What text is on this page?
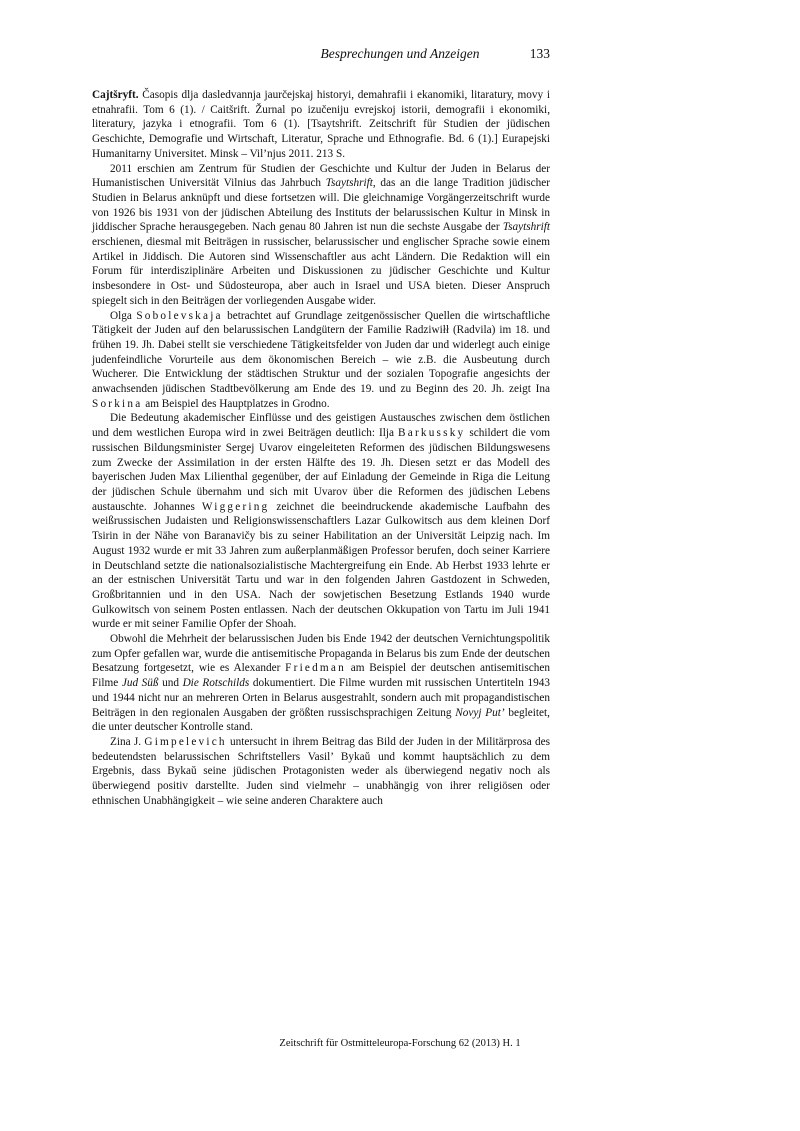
Besprechungen und Anzeigen	133

Cajtšryft. Časopis dlja dasledvannja jaurčejskaj historyi, demahrafii i ekanomiki, litaraturу, movy i etnahrafii. Tom 6 (1). / Caitšrift. Žurnal po izučeniju evrejskoj istorii, demografii i ekonomiki, literatury, jazyka i etnografii. Tom 6 (1). [Tsaytshrift. Zeitschrift für Studien der jüdischen Geschichte, Demografie und Wirtschaft, Literatur, Sprache und Ethnografie. Bd. 6 (1).] Eurapejski Humanitarny Universitet. Minsk – Vil’njus 2011. 213 S.

2011 erschien am Zentrum für Studien der Geschichte und Kultur der Juden in Belarus der Humanistischen Universität Vilnius das Jahrbuch Tsaytshrift, das an die lange Tradition jüdischer Studien in Belarus anknüpft und diese fortsetzen will. Die gleichnamige Vorgängerzeitschrift wurde von 1926 bis 1931 von der jüdischen Abteilung des Instituts der belarussischen Kultur in Minsk in jiddischer Sprache herausgegeben. Nach genau 80 Jahren ist nun die sechste Ausgabe der Tsaytshrift erschienen, diesmal mit Beiträgen in russischer, belarussischer und englischer Sprache sowie einem Artikel in Jiddisch. Die Autoren sind Wissenschaftler aus acht Ländern. Die Redaktion will ein Forum für interdisziplinäre Arbeiten und Diskussionen zu jüdischer Geschichte und Kultur insbesondere in Ost- und Südosteuropa, aber auch in Israel und USA bieten. Dieser Anspruch spiegelt sich in den Beiträgen der vorliegenden Ausgabe wider.

Olga Sobolevskaja betrachtet auf Grundlage zeitgenössischer Quellen die wirtschaftliche Tätigkeit der Juden auf den belarussischen Landgütern der Familie Radziwiłł (Radvila) im 18. und frühen 19. Jh. Dabei stellt sie verschiedene Tätigkeitsfelder von Juden dar und widerlegt auch einige judenfeindliche Vorurteile aus dem ökonomischen Bereich – wie z.B. die Ausbeutung durch Wucherer. Die Entwicklung der städtischen Struktur und der sozialen Topografie angesichts der anwachsenden jüdischen Stadtbevölkerung am Ende des 19. und zu Beginn des 20. Jh. zeigt Ina Sorkina am Beispiel des Hauptplatzes in Grodno.

Die Bedeutung akademischer Einflüsse und des geistigen Austausches zwischen dem östlichen und dem westlichen Europa wird in zwei Beiträgen deutlich: Ilja Barkussky schildert die vom russischen Bildungsminister Sergej Uvarov eingeleiteten Reformen des jüdischen Bildungswesens zum Zwecke der Assimilation in der ersten Hälfte des 19. Jh. Diesen setzt er das Modell des bayerischen Juden Max Lilienthal gegenüber, der auf Einladung der Gemeinde in Riga die Leitung der jüdischen Schule übernahm und sich mit Uvarov über die Reformen des jüdischen Lebens austauschte. Johannes Wiggering zeichnet die beeindruckende akademische Laufbahn des weißrussischen Judaisten und Religionswissenschaftlers Lazar Gulkowitsch aus dem kleinen Dorf Tsirin in der Nähe von Baranavičy bis zu seiner Habilitation an der Universität Leipzig nach. Im August 1932 wurde er mit 33 Jahren zum außerplanmäßigen Professor berufen, doch seiner Karriere in Deutschland setzte die nationalsozialistische Machtergreifung ein Ende. Ab Herbst 1933 lehrte er an der estnischen Universität Tartu und war in den folgenden Jahren Gastdozent in Schweden, Großbritannien und in den USA. Nach der sowjetischen Besetzung Estlands 1940 wurde Gulkowitsch von seinem Posten entlassen. Nach der deutschen Okkupation von Tartu im Juli 1941 wurde er mit seiner Familie Opfer der Shoah.

Obwohl die Mehrheit der belarussischen Juden bis Ende 1942 der deutschen Vernichtungspolitik zum Opfer gefallen war, wurde die antisemitische Propaganda in Belarus bis zum Ende der deutschen Besatzung fortgesetzt, wie es Alexander Friedman am Beispiel der deutschen antisemitischen Filme Jud Süß und Die Rotschilds dokumentiert. Die Filme wurden mit russischen Untertiteln 1943 und 1944 nicht nur an mehreren Orten in Belarus ausgestrahlt, sondern auch mit propagandistischen Beiträgen in den regionalen Ausgaben der größten russischsprachigen Zeitung Novyj Put’ begleitet, die unter deutscher Kontrolle stand.

Zina J. Gimpelevich untersucht in ihrem Beitrag das Bild der Juden in der Militärprosa des bedeutendsten belarussischen Schriftstellers Vasil’ Bykaŭ und kommt hauptsächlich zu dem Ergebnis, dass Bykaŭ seine jüdischen Protagonisten weder als überwiegend negativ noch als überwiegend positiv darstellte. Juden sind vielmehr – unabhängig von ihrer religiösen oder ethnischen Unabhängigkeit – wie seine anderen Charaktere auch

Zeitschrift für Ostmitteleuropa-Forschung 62 (2013) H. 1
